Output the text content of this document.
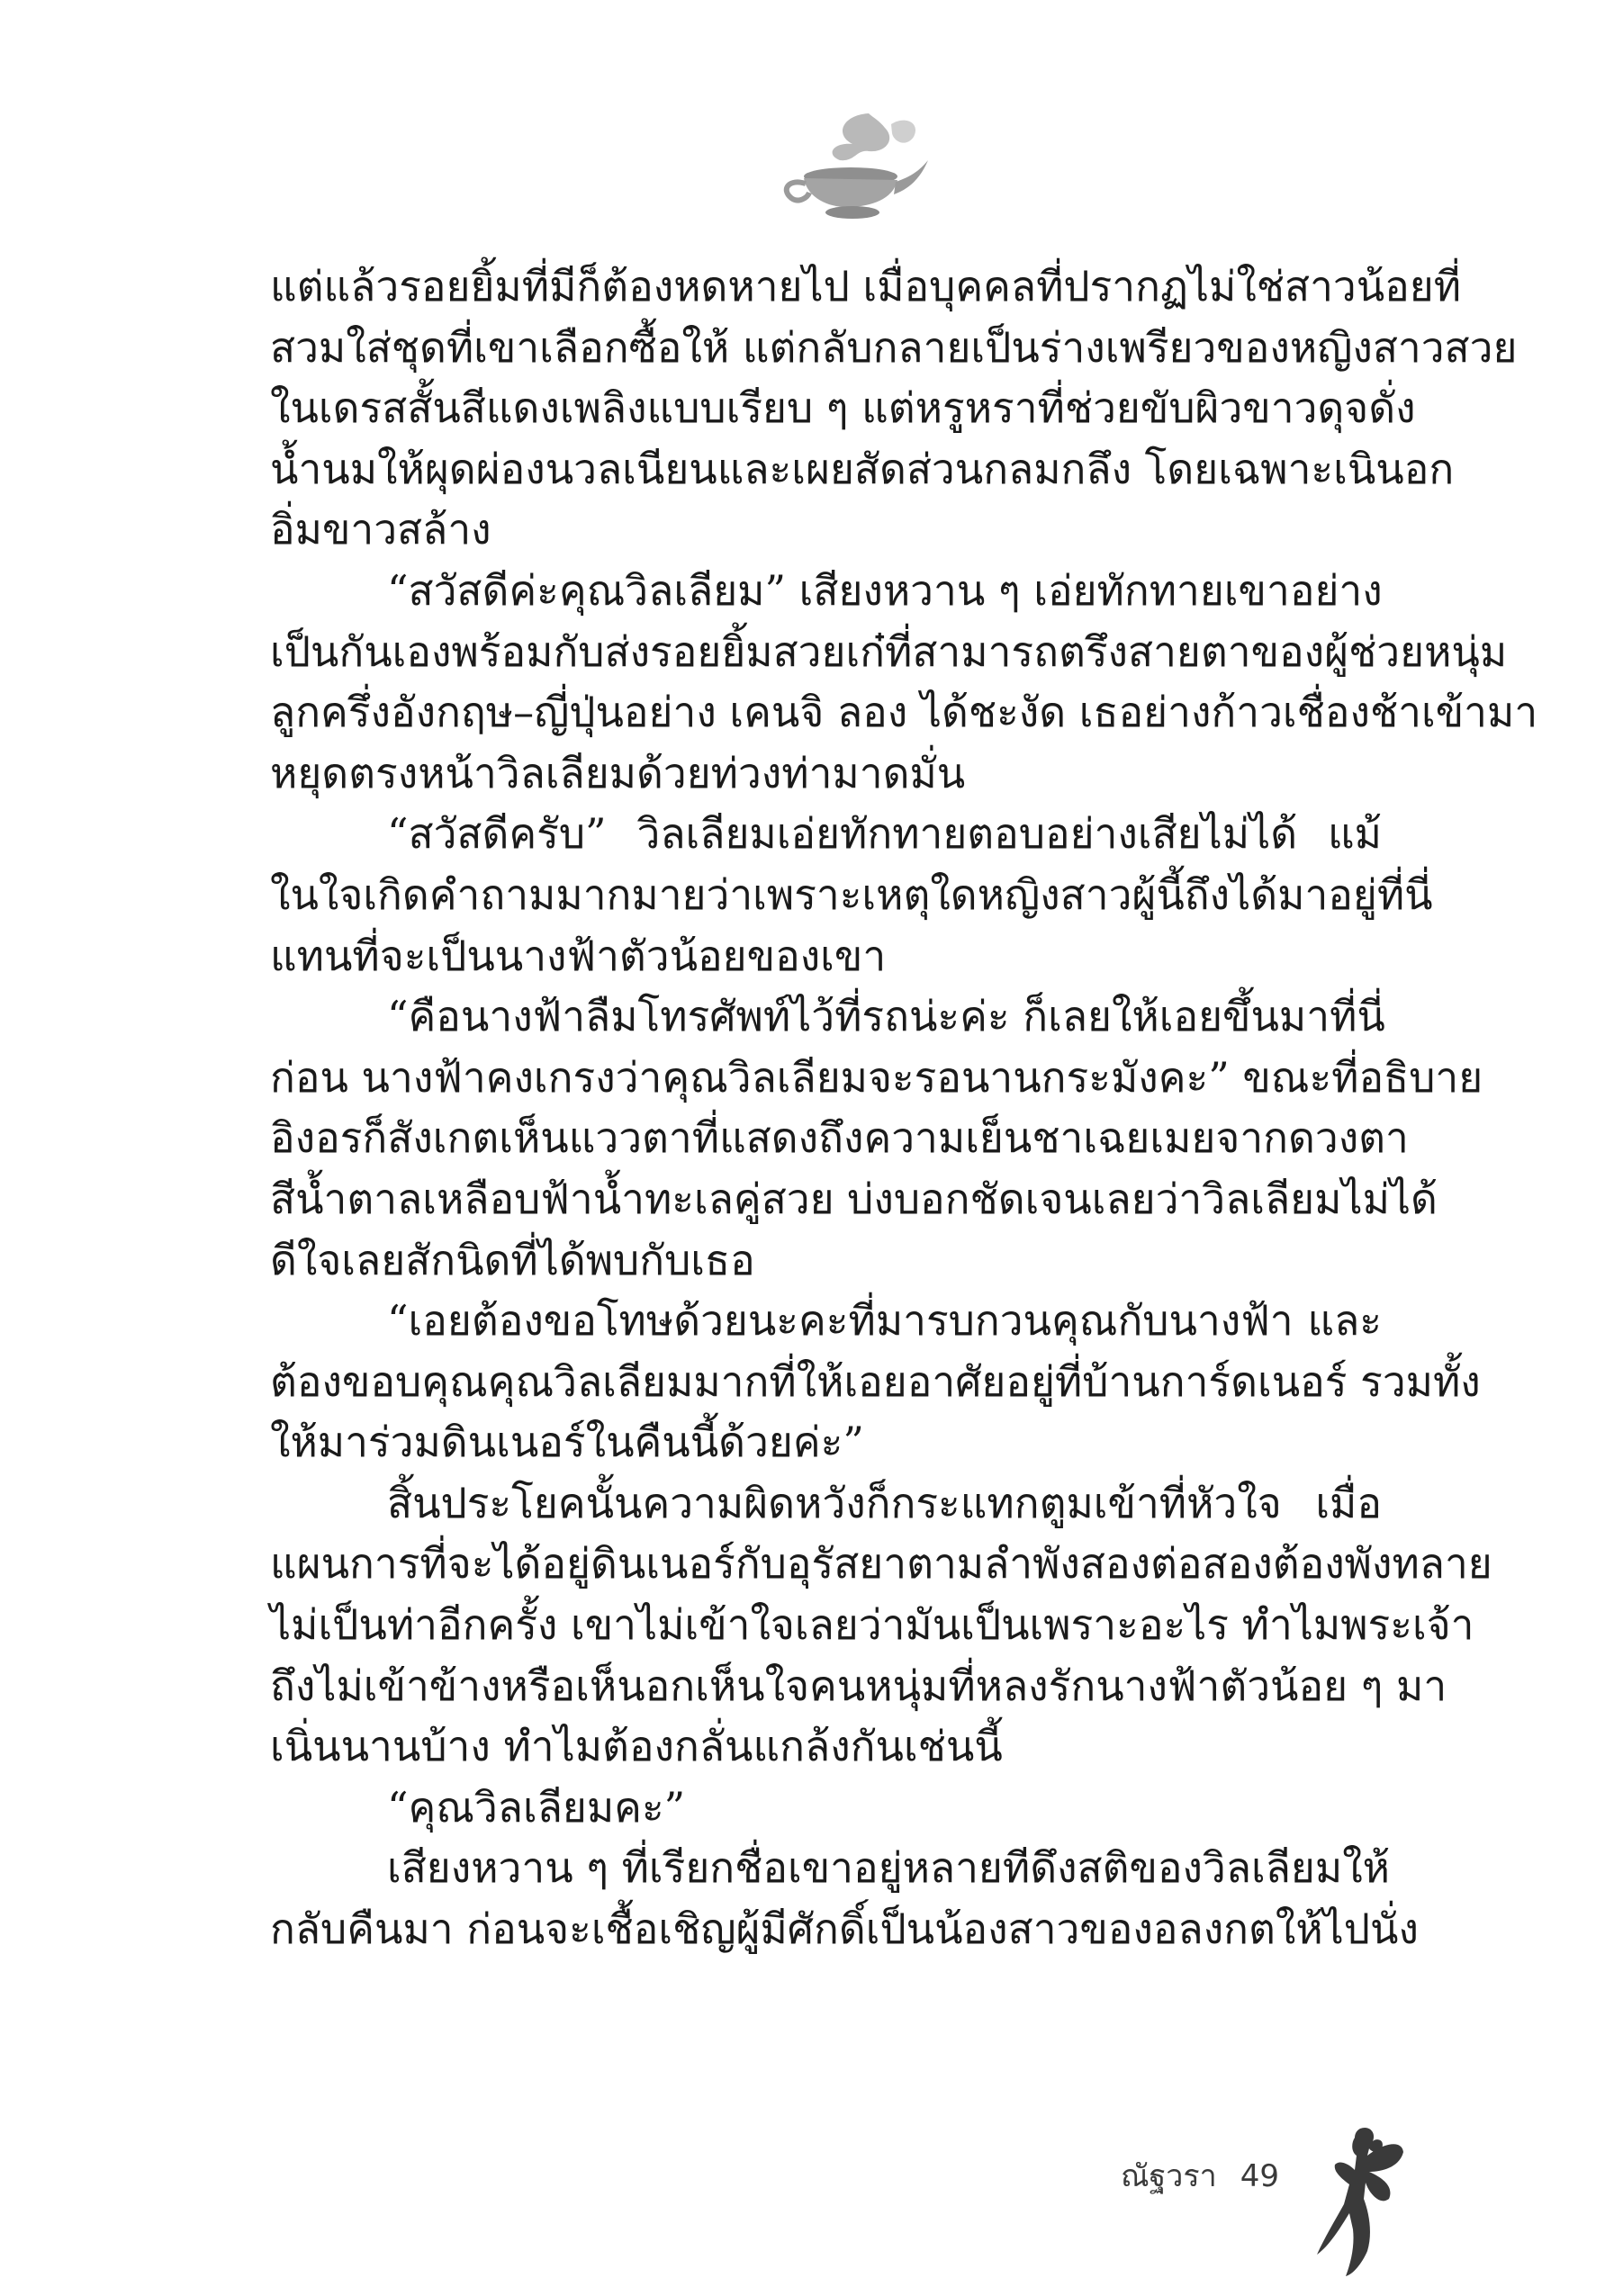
แต่แล้วรอยยิ้มที่มีก็ต้องหดหายไป เมื่อบุคคลที่ปรากฏไม่ใช่สาวน้อยที่
สวมใส่ชุดที่เขาเลือกซื้อให้ แต่กลับกลายเป็นร่างเพรียวของหญิงสาวสวย
ในเดรสสั้นสีแดงเพลิงแบบเรียบ ๆ แต่หรูหราที่ช่วยขับผิวขาวดุจดั่ง
น้ำนมให้ผุดผ่องนวลเนียนและเผยสัดส่วนกลมกลึง โดยเฉพาะเนินอก
อิ่มขาวสล้าง
“สวัสดีค่ะคุณวิลเลียม” เสียงหวาน ๆ เอ่ยทักทายเขาอย่าง
เป็นกันเองพร้อมกับส่งรอยยิ้มสวยเก๋ที่สามารถตรึงสายตาของผู้ช่วยหนุ่ม
ลูกครึ่งอังกฤษ–ญี่ปุ่นอย่าง เคนจิ ลอง ได้ชะงัด เธอย่างก้าวเชื่องช้าเข้ามา
หยุดตรงหน้าวิลเลียมด้วยท่วงท่ามาดมั่น
“สวัสดีครับ” วิลเลียมเอ่ยทักทายตอบอย่างเสียไม่ได้ แม้
ในใจเกิดคำถามมากมายว่าเพราะเหตุใดหญิงสาวผู้นี้ถึงได้มาอยู่ที่นี่
แทนที่จะเป็นนางฟ้าตัวน้อยของเขา
“คือนางฟ้าลืมโทรศัพท์ไว้ที่รถน่ะค่ะ ก็เลยให้เอยขึ้นมาที่นี่
ก่อน นางฟ้าคงเกรงว่าคุณวิลเลียมจะรอนานกระมังคะ” ขณะที่อธิบาย
อิงอรก็สังเกตเห็นแววตาที่แสดงถึงความเย็นชาเฉยเมยจากดวงตา
สีน้ำตาลเหลือบฟ้าน้ำทะเลคู่สวย บ่งบอกชัดเจนเลยว่าวิลเลียมไม่ได้
ดีใจเลยสักนิดที่ได้พบกับเธอ
“เอยต้องขอโทษด้วยนะคะที่มารบกวนคุณกับนางฟ้า และ
ต้องขอบคุณคุณวิลเลียมมากที่ให้เอยอาศัยอยู่ที่บ้านการ์ดเนอร์ รวมทั้ง
ให้มาร่วมดินเนอร์ในคืนนี้ด้วยค่ะ”
สิ้นประโยคนั้นความผิดหวังก็กระแทกตูมเข้าที่หัวใจ เมื่อ
แผนการที่จะได้อยู่ดินเนอร์กับอุรัสยาตามลำพังสองต่อสองต้องพังทลาย
ไม่เป็นท่าอีกครั้ง เขาไม่เข้าใจเลยว่ามันเป็นเพราะอะไร ทำไมพระเจ้า
ถึงไม่เข้าข้างหรือเห็นอกเห็นใจคนหนุ่มที่หลงรักนางฟ้าตัวน้อย ๆ มา
เนิ่นนานบ้าง ทำไมต้องกลั่นแกล้งกันเช่นนี้
“คุณวิลเลียมคะ”
เสียงหวาน ๆ ที่เรียกชื่อเขาอยู่หลายทีดึงสติของวิลเลียมให้
กลับคืนมา ก่อนจะเชื้อเชิญผู้มีศักดิ์เป็นน้องสาวของอลงกตให้ไปนั่ง
ณัฐวรา 49
